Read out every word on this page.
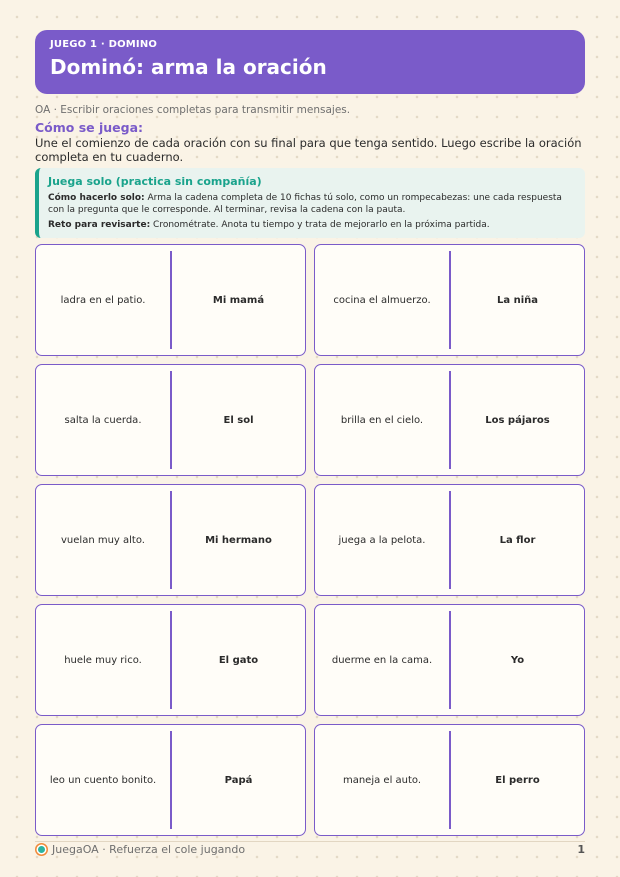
JUEGO 1 · DOMINO
Dominó: arma la oración
OA · Escribir oraciones completas para transmitir mensajes.
Cómo se juega:
Une el comienzo de cada oración con su final para que tenga sentido. Luego escribe la oración completa en tu cuaderno.
Juega solo (practica sin compañía)
Cómo hacerlo solo: Arma la cadena completa de 10 fichas tú solo, como un rompecabezas: une cada respuesta con la pregunta que le corresponde. Al terminar, revisa la cadena con la pauta.
Reto para revisarte: Cronométrate. Anota tu tiempo y trata de mejorarlo en la próxima partida.
ladra en el patio.	Mi mamá	cocina el almuerzo.	La niña
salta la cuerda.	El sol	brilla en el cielo.	Los pájaros
vuelan muy alto.	Mi hermano	juega a la pelota.	La flor
huele muy rico.	El gato	duerme en la cama.	Yo
leo un cuento bonito.	Papá	maneja el auto.	El perro
JuegaOA · Refuerza el cole jugando	1
